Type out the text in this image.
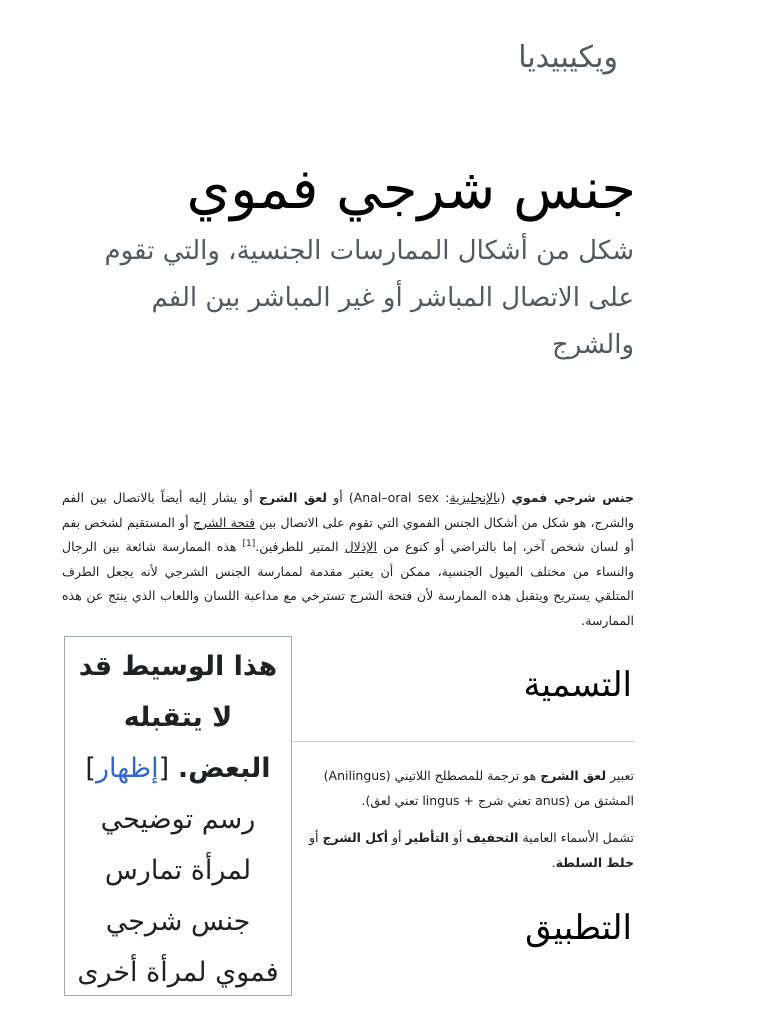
ويكيبيديا
جنس شرجي فموي
شكل من أشكال الممارسات الجنسية، والتي تقوم على الاتصال المباشر أو غير المباشر بين الفم والشرج

جنس شرجي فموي (بالإنجليزية: Anal–oral sex) أو لعق الشرج أو يشار إليه أيضاً بالاتصال بين الفم والشرج، هو شكل من أشكال الجنس الفموي التي تقوم على الاتصال بين فتحة الشرج أو المستقيم لشخص بفم أو لسان شخص آخر، إما بالتراضي أو كنوع من الإذلال المتير للطرفين.[1] هذه الممارسة شائعة بين الرجال والنساء من مختلف الميول الجنسية، ممكن أن يعتبر مقدمة لممارسة الجنس الشرجي لأنه يجعل الطرف المتلقي يستريح ويتقبل هذه الممارسة لأن فتحة الشرج تسترخي مع مداعبة اللسان واللعاب الذي ينتج عن هذه الممارسة.

هذا الوسيط قد لا يتقبله البعض. [إظهار] رسم توضيحي لمرأة تمارس جنس شرجي فموي لمرأة أخرى
التسمية

تعبير لعق الشرج هو ترجمة للمصطلح اللاتيني (Anilingus) المشتق من (anus تعني شرج + lingus تعني لعق).

تشمل الأسماء العامية التحفيف أو التأطير أو أكل الشرج أو خلط السلطة.

التطبيق
